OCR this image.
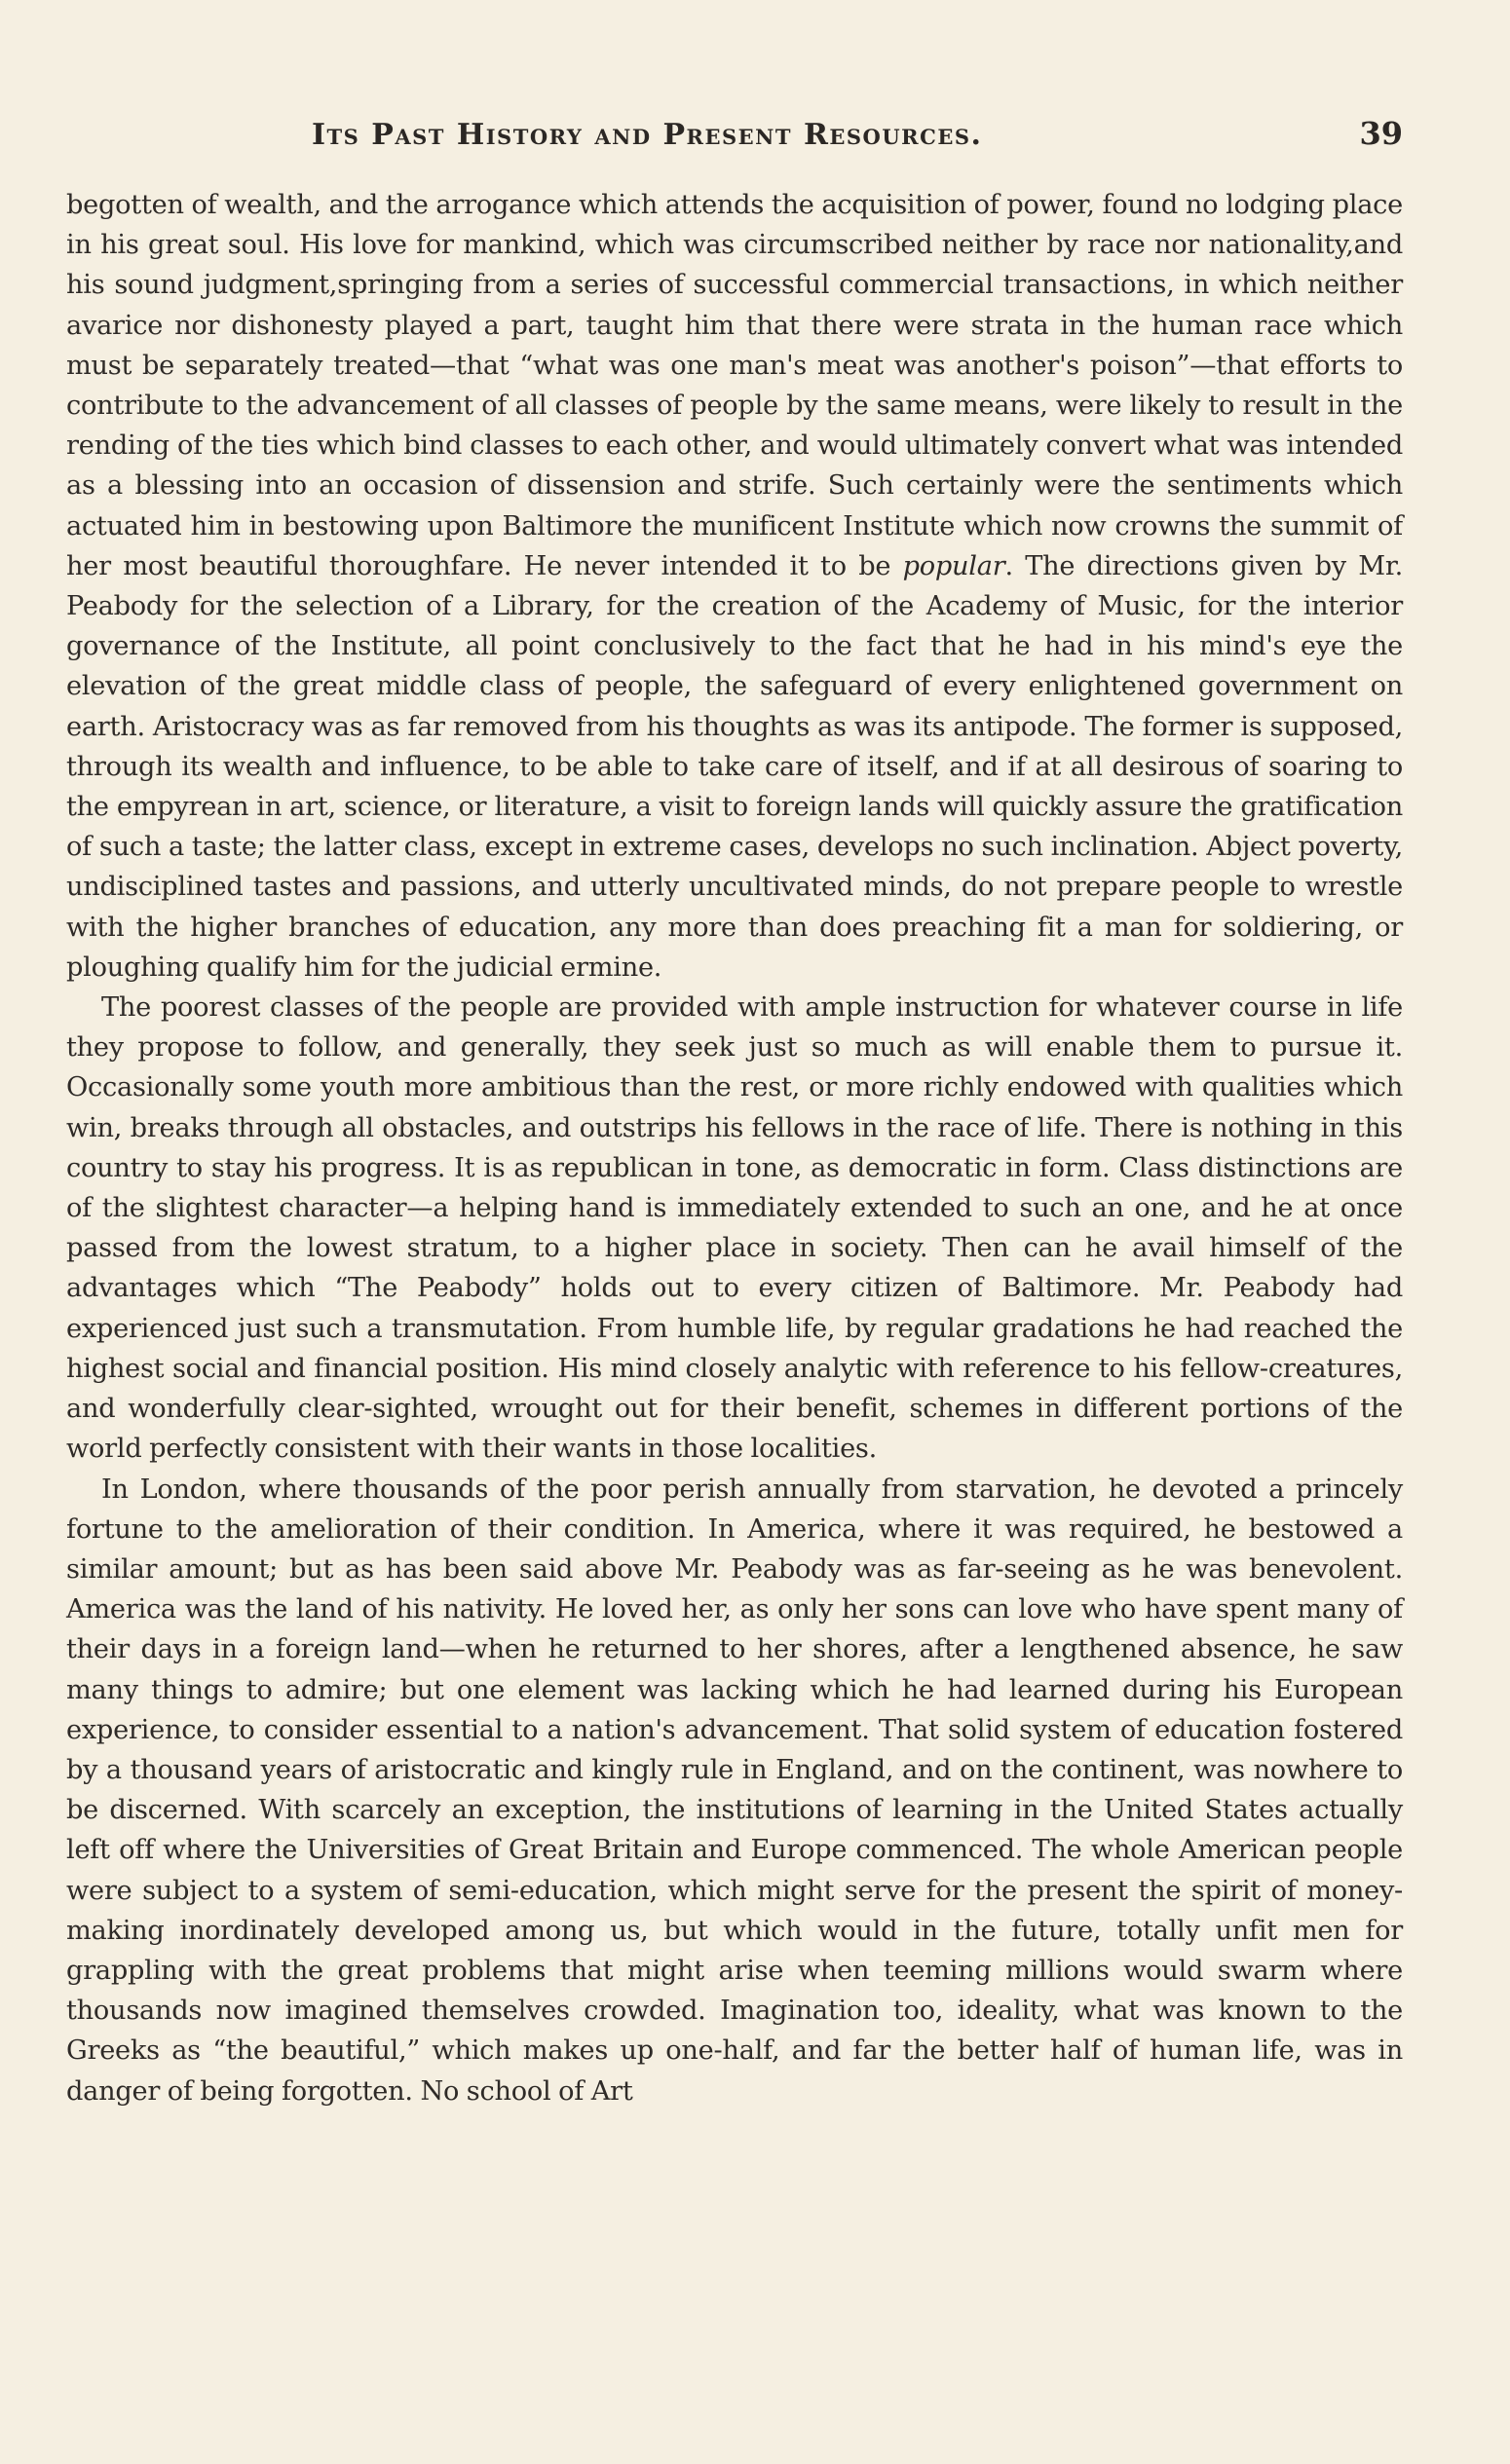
Its Past History and Present Resources.	39

begotten of wealth, and the arrogance which attends the acquisition of power, found no lodging place in his great soul. His love for mankind, which was circumscribed neither by race nor nationality,and his sound judgment,springing from a series of successful commercial transactions, in which neither avarice nor dishonesty played a part, taught him that there were strata in the human race which must be separately treated—that “what was one man's meat was another's poison”—that efforts to contribute to the advancement of all classes of people by the same means, were likely to result in the rending of the ties which bind classes to each other, and would ultimately convert what was intended as a blessing into an occasion of dissension and strife. Such certainly were the sentiments which actuated him in bestowing upon Baltimore the munificent Institute which now crowns the summit of her most beautiful thoroughfare. He never intended it to be popular. The directions given by Mr. Peabody for the selection of a Library, for the creation of the Academy of Music, for the interior governance of the Institute, all point conclusively to the fact that he had in his mind's eye the elevation of the great middle class of people, the safeguard of every enlightened government on earth. Aristocracy was as far removed from his thoughts as was its antipode. The former is supposed, through its wealth and influence, to be able to take care of itself, and if at all desirous of soaring to the empyrean in art, science, or literature, a visit to foreign lands will quickly assure the gratification of such a taste; the latter class, except in extreme cases, develops no such inclination. Abject poverty, undisciplined tastes and passions, and utterly uncultivated minds, do not prepare people to wrestle with the higher branches of education, any more than does preaching fit a man for soldiering, or ploughing qualify him for the judicial ermine.

The poorest classes of the people are provided with ample instruction for whatever course in life they propose to follow, and generally, they seek just so much as will enable them to pursue it. Occasionally some youth more ambitious than the rest, or more richly endowed with qualities which win, breaks through all obstacles, and outstrips his fellows in the race of life. There is nothing in this country to stay his progress. It is as republican in tone, as democratic in form. Class distinctions are of the slightest character—a helping hand is immediately extended to such an one, and he at once passed from the lowest stratum, to a higher place in society. Then can he avail himself of the advantages which “The Peabody” holds out to every citizen of Baltimore. Mr. Peabody had experienced just such a transmutation. From humble life, by regular gradations he had reached the highest social and financial position. His mind closely analytic with reference to his fellow-creatures, and wonderfully clear-sighted, wrought out for their benefit, schemes in different portions of the world perfectly consistent with their wants in those localities.

In London, where thousands of the poor perish annually from starvation, he devoted a princely fortune to the amelioration of their condition. In America, where it was required, he bestowed a similar amount; but as has been said above Mr. Peabody was as far-seeing as he was benevolent. America was the land of his nativity. He loved her, as only her sons can love who have spent many of their days in a foreign land—when he returned to her shores, after a lengthened absence, he saw many things to admire; but one element was lacking which he had learned during his European experience, to consider essential to a nation's advancement. That solid system of education fostered by a thousand years of aristocratic and kingly rule in England, and on the continent, was nowhere to be discerned. With scarcely an exception, the institutions of learning in the United States actually left off where the Universities of Great Britain and Europe commenced. The whole American people were subject to a system of semi-education, which might serve for the present the spirit of money-making inordinately developed among us, but which would in the future, totally unfit men for grappling with the great problems that might arise when teeming millions would swarm where thousands now imagined themselves crowded. Imagination too, ideality, what was known to the Greeks as “the beautiful,” which makes up one-half, and far the better half of human life, was in danger of being forgotten. No school of Art
